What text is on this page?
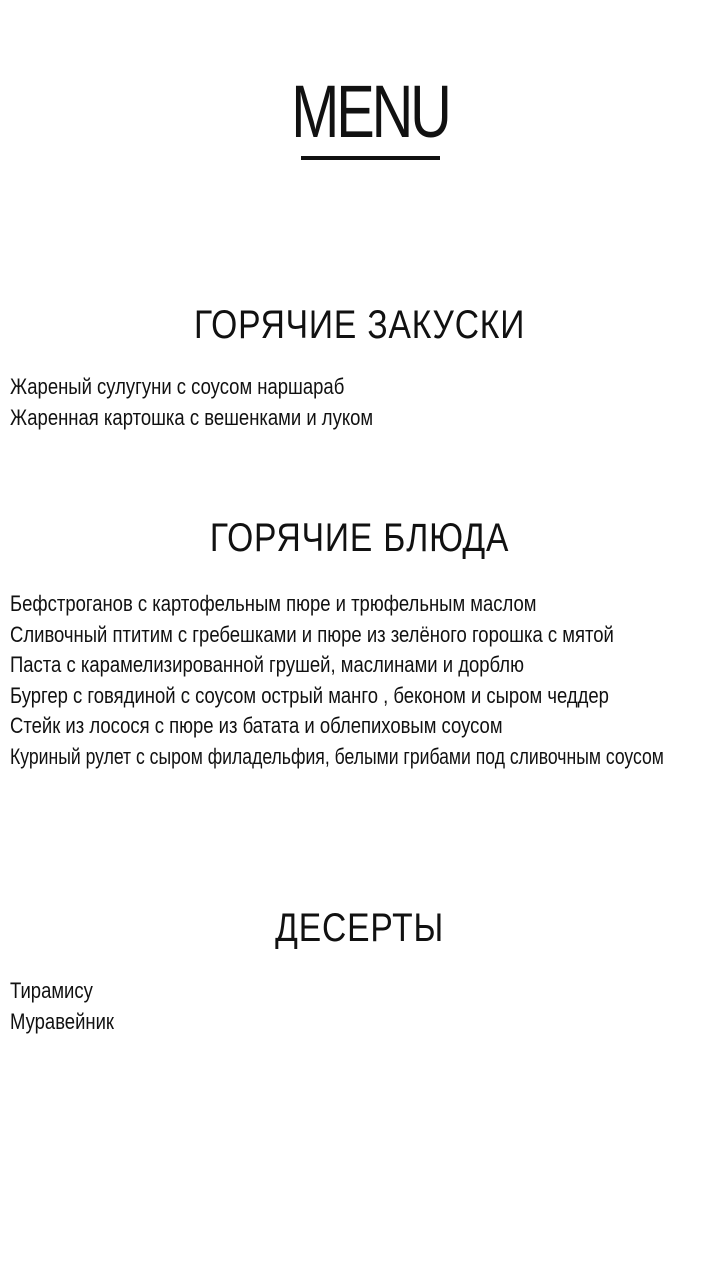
MENU
ГОРЯЧИЕ ЗАКУСКИ
Жареный сулугуни с соусом наршараб
Жаренная картошка с вешенками и луком
ГОРЯЧИЕ БЛЮДА
Бефстроганов с картофельным пюре и трюфельным маслом
Сливочный птитим с гребешками и пюре из зелёного горошка с мятой
Паста с карамелизированной грушей, маслинами и дорблю
Бургер с говядиной с соусом острый манго , беконом и сыром чеддер
Стейк из лосося с пюре из батата и облепиховым соусом
Куриный рулет с сыром филадельфия, белыми грибами под сливочным соусом
ДЕСЕРТЫ
Тирамису
Муравейник
